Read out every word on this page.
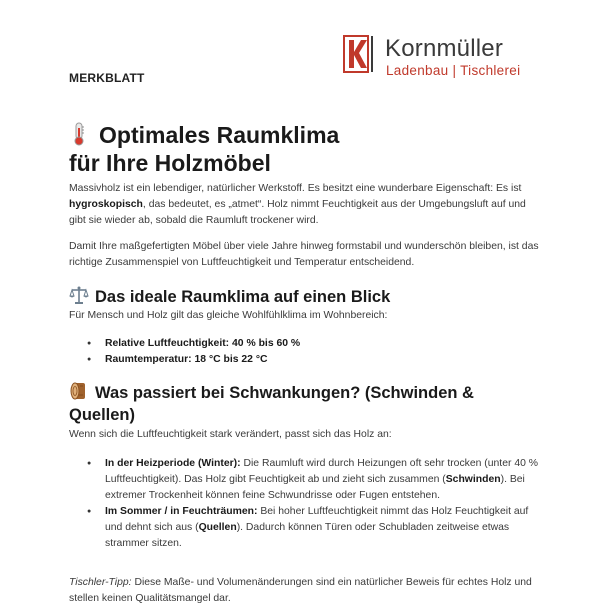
Kornmüller
Ladenbau | Tischlerei
MERKBLATT
Optimales Raumklima
für Ihre Holzmöbel

Massivholz ist ein lebendiger, natürlicher Werkstoff. Es besitzt eine wunderbare Eigenschaft: Es ist hygroskopisch, das bedeutet, es „atmet“. Holz nimmt Feuchtigkeit aus der Umgebungsluft auf und gibt sie wieder ab, sobald die Raumluft trockener wird.

Damit Ihre maßgefertigten Möbel über viele Jahre hinweg formstabil und wunderschön bleiben, ist das richtige Zusammenspiel von Luftfeuchtigkeit und Temperatur entscheidend.

Das ideale Raumklima auf einen Blick

Für Mensch und Holz gilt das gleiche Wohlfühlklima im Wohnbereich:

● Relative Luftfeuchtigkeit: 40 % bis 60 %
● Raumtemperatur: 18 °C bis 22 °C
Was passiert bei Schwankungen? (Schwinden & Quellen)

Wenn sich die Luftfeuchtigkeit stark verändert, passt sich das Holz an:

● In der Heizperiode (Winter): Die Raumluft wird durch Heizungen oft sehr trocken (unter 40 % Luftfeuchtigkeit). Das Holz gibt Feuchtigkeit ab und zieht sich zusammen (Schwinden). Bei extremer Trockenheit können feine Schwundrisse oder Fugen entstehen.
● Im Sommer / in Feuchträumen: Bei hoher Luftfeuchtigkeit nimmt das Holz Feuchtigkeit auf und dehnt sich aus (Quellen). Dadurch können Türen oder Schubladen zeitweise etwas strammer sitzen.

Tischler-Tipp: Diese Maße- und Volumenänderungen sind ein natürlicher Beweis für echtes Holz und stellen keinen Qualitätsmangel dar.
